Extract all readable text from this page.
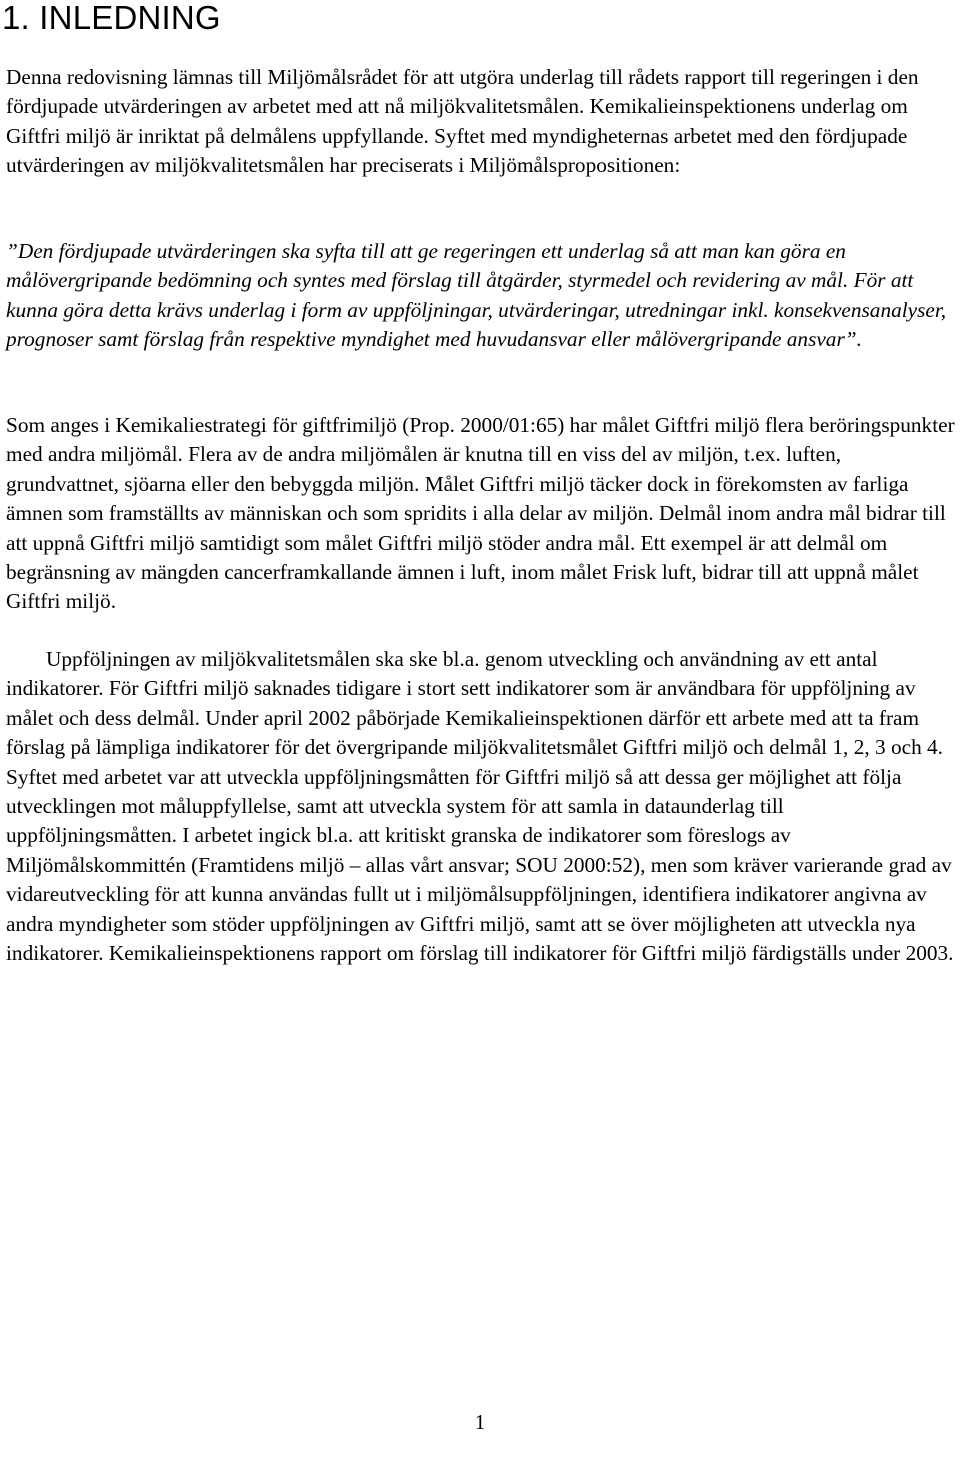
1. INLEDNING

Denna redovisning lämnas till Miljömålsrådet för att utgöra underlag till rådets rapport till regeringen i den fördjupade utvärderingen av arbetet med att nå miljökvalitetsmålen. Kemikalieinspektionens underlag om Giftfri miljö är inriktat på delmålens uppfyllande. Syftet med myndigheternas arbetet med den fördjupade utvärderingen av miljökvalitetsmålen har preciserats i Miljömålspropositionen:

”Den fördjupade utvärderingen ska syfta till att ge regeringen ett underlag så att man kan göra en målövergripande bedömning och syntes med förslag till åtgärder, styrmedel och revidering av mål. För att kunna göra detta krävs underlag i form av uppföljningar, utvärderingar, utredningar inkl. konsekvensanalyser, prognoser samt förslag från respektive myndighet med huvudansvar eller målövergripande ansvar”.

Som anges i Kemikaliestrategi för giftfrimiljö (Prop. 2000/01:65) har målet Giftfri miljö flera beröringspunkter med andra miljömål. Flera av de andra miljömålen är knutna till en viss del av miljön, t.ex. luften, grundvattnet, sjöarna eller den bebyggda miljön. Målet Giftfri miljö täcker dock in förekomsten av farliga ämnen som framställts av människan och som spridits i alla delar av miljön. Delmål inom andra mål bidrar till att uppnå Giftfri miljö samtidigt som målet Giftfri miljö stöder andra mål. Ett exempel är att delmål om begränsning av mängden cancerframkallande ämnen i luft, inom målet Frisk luft, bidrar till att uppnå målet Giftfri miljö.

Uppföljningen av miljökvalitetsmålen ska ske bl.a. genom utveckling och användning av ett antal indikatorer. För Giftfri miljö saknades tidigare i stort sett indikatorer som är användbara för uppföljning av målet och dess delmål. Under april 2002 påbörjade Kemikalieinspektionen därför ett arbete med att ta fram förslag på lämpliga indikatorer för det övergripande miljökvalitetsmålet Giftfri miljö och delmål 1, 2, 3 och 4. Syftet med arbetet var att utveckla uppföljningsmåtten för Giftfri miljö så att dessa ger möjlighet att följa utvecklingen mot måluppfyllelse, samt att utveckla system för att samla in dataunderlag till uppföljningsmåtten. I arbetet ingick bl.a. att kritiskt granska de indikatorer som föreslogs av Miljömålskommittén (Framtidens miljö – allas vårt ansvar; SOU 2000:52), men som kräver varierande grad av vidareutveckling för att kunna användas fullt ut i miljömålsuppföljningen, identifiera indikatorer angivna av andra myndigheter som stöder uppföljningen av Giftfri miljö, samt att se över möjligheten att utveckla nya indikatorer. Kemikalieinspektionens rapport om förslag till indikatorer för Giftfri miljö färdigställs under 2003.

1
